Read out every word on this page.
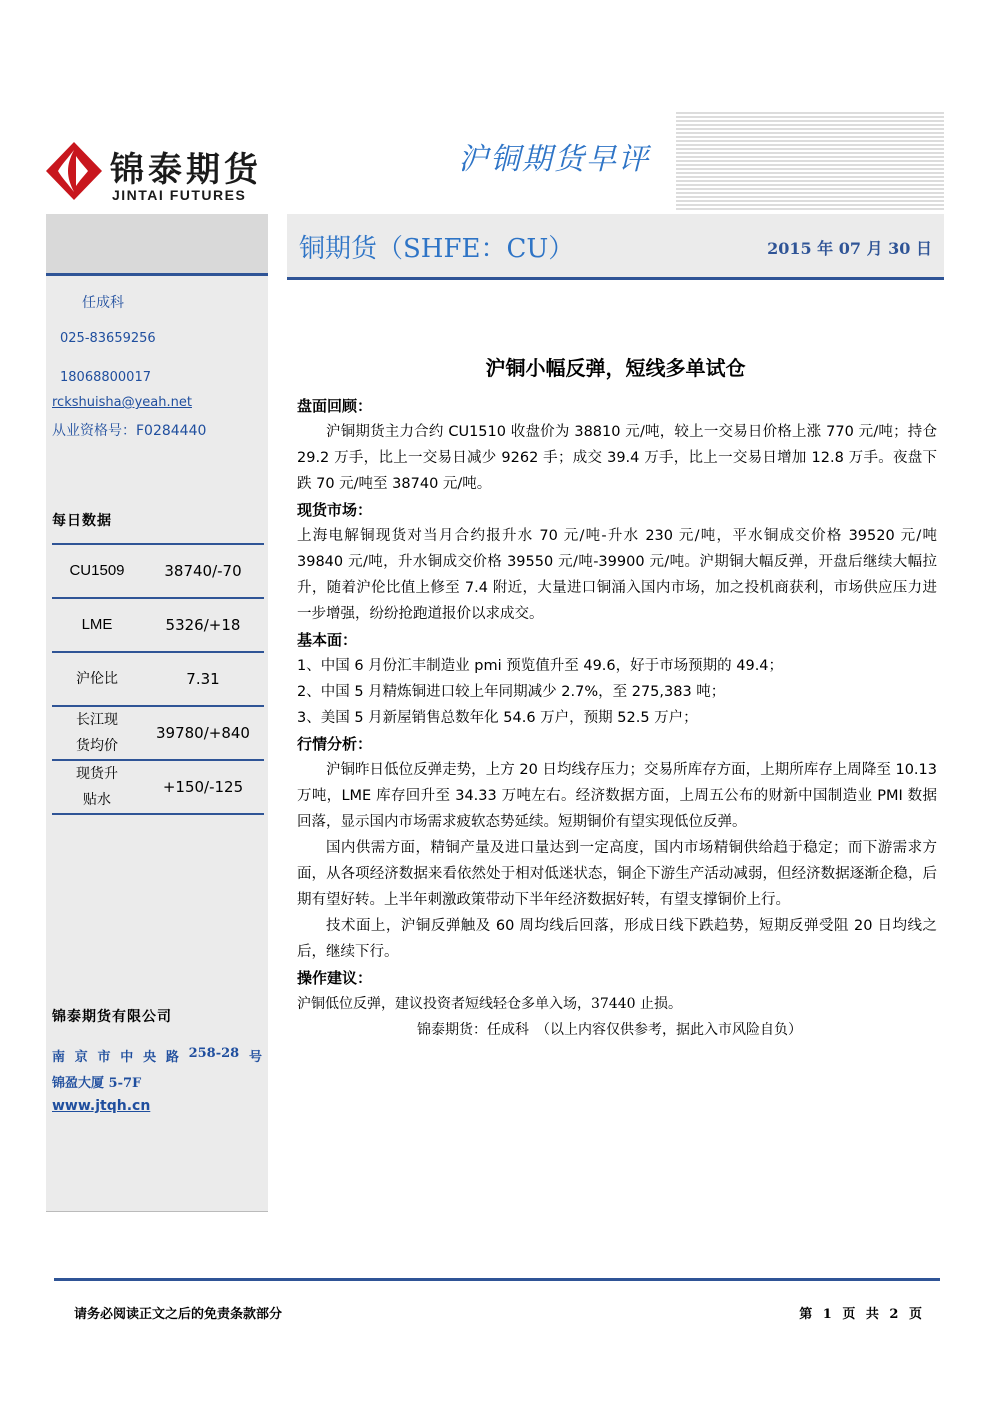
锦泰期货
JINTAI FUTURES
沪铜期货早评
任成科
025-83659256
18068800017
rckshuisha@yeah.net
从业资格号：F0284440
每日数据
CU1509	38740/-70
LME	5326/+18
沪伦比	7.31

长江现
货均价	39780/+840

现货升
贴水	+150/-125
锦泰期货有限公司
南 京 市 中 央 路 258-28 号
锦盈大厦 5-7F
www.jtqh.cn
铜期货（SHFE：CU）	2015 年 07 月 30 日
沪铜小幅反弹，短线多单试仓
盘面回顾：
沪铜期货主力合约 CU1510 收盘价为 38810 元/吨，较上一交易日价格上涨 770 元/吨；持仓 29.2 万手，比上一交易日减少 9262 手；成交 39.4 万手，比上一交易日增加 12.8 万手。夜盘下跌 70 元/吨至 38740 元/吨。
现货市场：
上海电解铜现货对当月合约报升水 70 元/吨-升水 230 元/吨，平水铜成交价格 39520 元/吨 39840 元/吨，升水铜成交价格 39550 元/吨-39900 元/吨。沪期铜大幅反弹，开盘后继续大幅拉升，随着沪伦比值上修至 7.4 附近，大量进口铜涌入国内市场，加之投机商获利，市场供应压力进一步增强，纷纷抢跑道报价以求成交。
基本面：
1、中国 6 月份汇丰制造业 pmi 预览值升至 49.6，好于市场预期的 49.4；
2、中国 5 月精炼铜进口较上年同期减少 2.7%，至 275,383 吨；
3、美国 5 月新屋销售总数年化 54.6 万户，预期 52.5 万户；
行情分析：
沪铜昨日低位反弹走势，上方 20 日均线存压力；交易所库存方面，上期所库存上周降至 10.13 万吨，LME 库存回升至 34.33 万吨左右。经济数据方面，上周五公布的财新中国制造业 PMI 数据回落，显示国内市场需求疲软态势延续。短期铜价有望实现低位反弹。
国内供需方面，精铜产量及进口量达到一定高度，国内市场精铜供给趋于稳定；而下游需求方面，从各项经济数据来看依然处于相对低迷状态，铜企下游生产活动减弱，但经济数据逐渐企稳，后期有望好转。上半年刺激政策带动下半年经济数据好转，有望支撑铜价上行。
技术面上，沪铜反弹触及 60 周均线后回落，形成日线下跌趋势，短期反弹受阻 20 日均线之后，继续下行。
操作建议：
沪铜低位反弹，建议投资者短线轻仓多单入场，37440 止损。
锦泰期货：任成科　（以上内容仅供参考，据此入市风险自负）
请务必阅读正文之后的免责条款部分	第 1 页 共 2 页
